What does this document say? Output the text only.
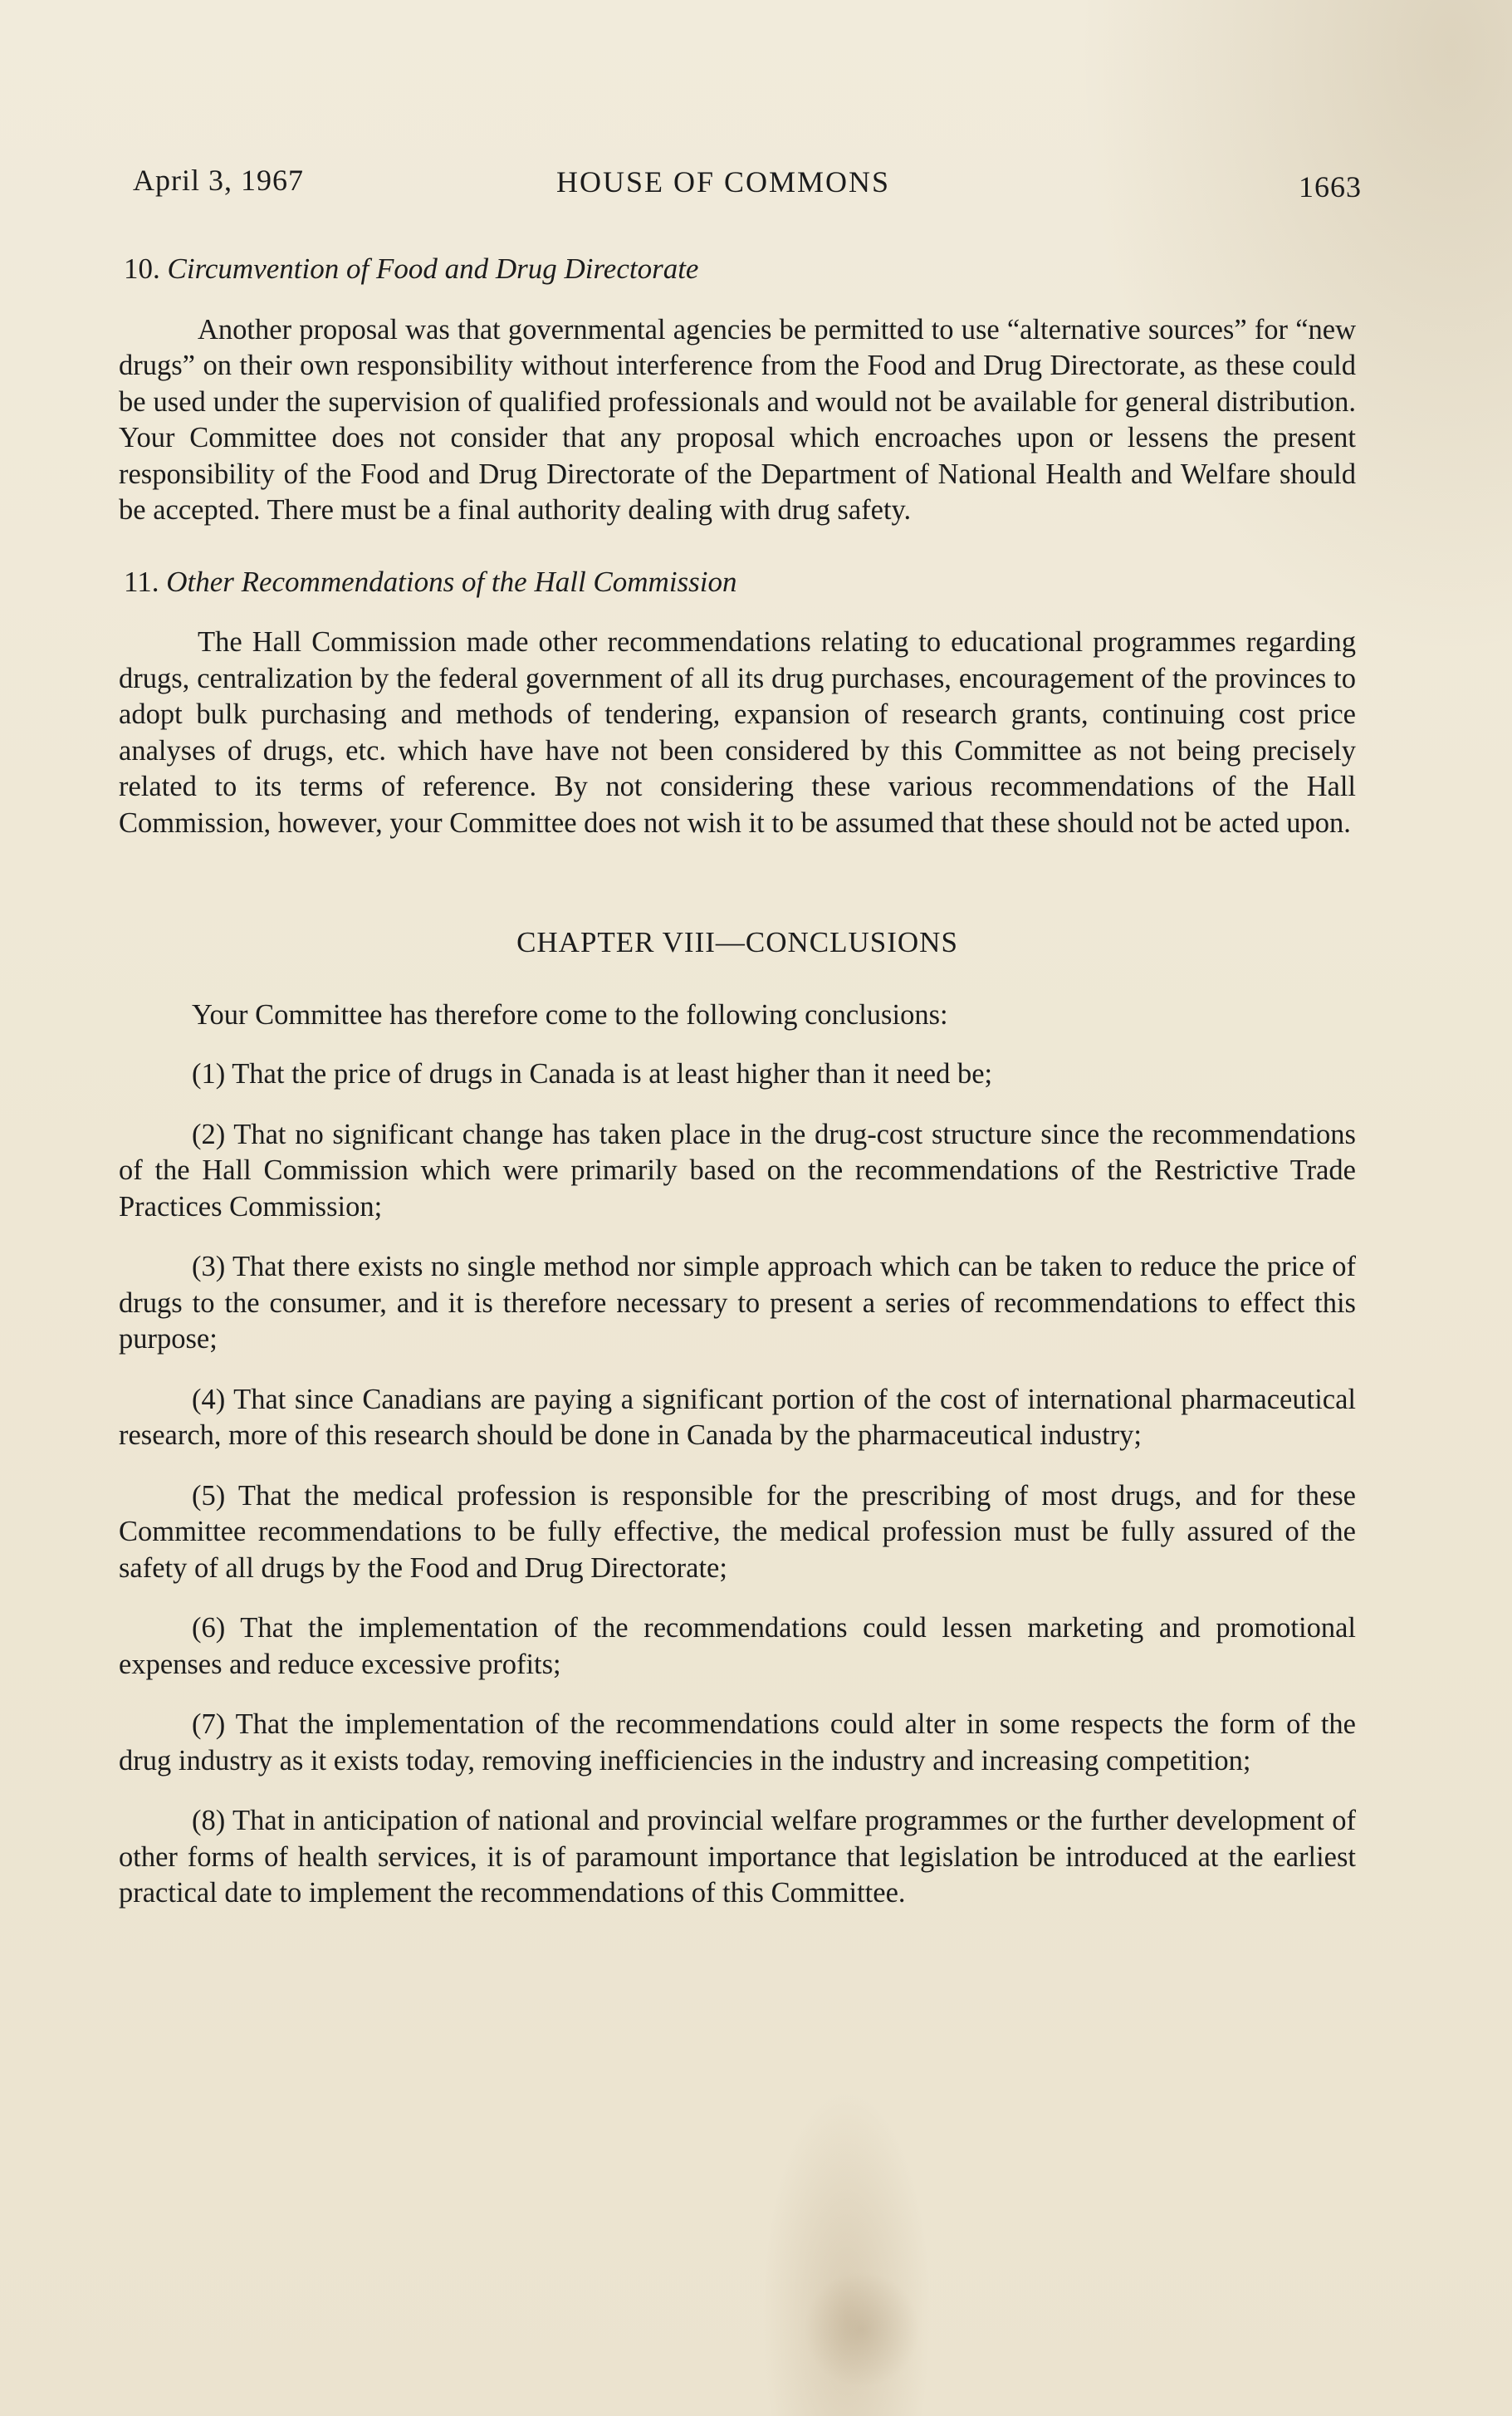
April 3, 1967	HOUSE OF COMMONS	1663
10. Circumvention of Food and Drug Directorate

Another proposal was that governmental agencies be permitted to use “alternative sources” for “new drugs” on their own responsibility without interference from the Food and Drug Directorate, as these could be used under the supervision of qualified professionals and would not be available for general distribution. Your Committee does not consider that any proposal which encroaches upon or lessens the present responsibility of the Food and Drug Directorate of the Department of National Health and Welfare should be accepted. There must be a final authority dealing with drug safety.

11. Other Recommendations of the Hall Commission

The Hall Commission made other recommendations relating to educational programmes regarding drugs, centralization by the federal government of all its drug purchases, encouragement of the provinces to adopt bulk purchasing and methods of tendering, expansion of research grants, continuing cost price analyses of drugs, etc. which have have not been considered by this Committee as not being precisely related to its terms of reference. By not considering these various recommendations of the Hall Commission, however, your Committee does not wish it to be assumed that these should not be acted upon.

CHAPTER VIII—CONCLUSIONS

Your Committee has therefore come to the following conclusions:

(1) That the price of drugs in Canada is at least higher than it need be;

(2) That no significant change has taken place in the drug-cost structure since the recommendations of the Hall Commission which were primarily based on the recommendations of the Restrictive Trade Practices Commission;

(3) That there exists no single method nor simple approach which can be taken to reduce the price of drugs to the consumer, and it is therefore necessary to present a series of recommendations to effect this purpose;

(4) That since Canadians are paying a significant portion of the cost of international pharmaceutical research, more of this research should be done in Canada by the pharmaceutical industry;

(5) That the medical profession is responsible for the prescribing of most drugs, and for these Committee recommendations to be fully effective, the medical profession must be fully assured of the safety of all drugs by the Food and Drug Directorate;

(6) That the implementation of the recommendations could lessen marketing and promotional expenses and reduce excessive profits;

(7) That the implementation of the recommendations could alter in some respects the form of the drug industry as it exists today, removing inefficiencies in the industry and increasing competition;

(8) That in anticipation of national and provincial welfare programmes or the further development of other forms of health services, it is of paramount importance that legislation be introduced at the earliest practical date to implement the recommendations of this Committee.
